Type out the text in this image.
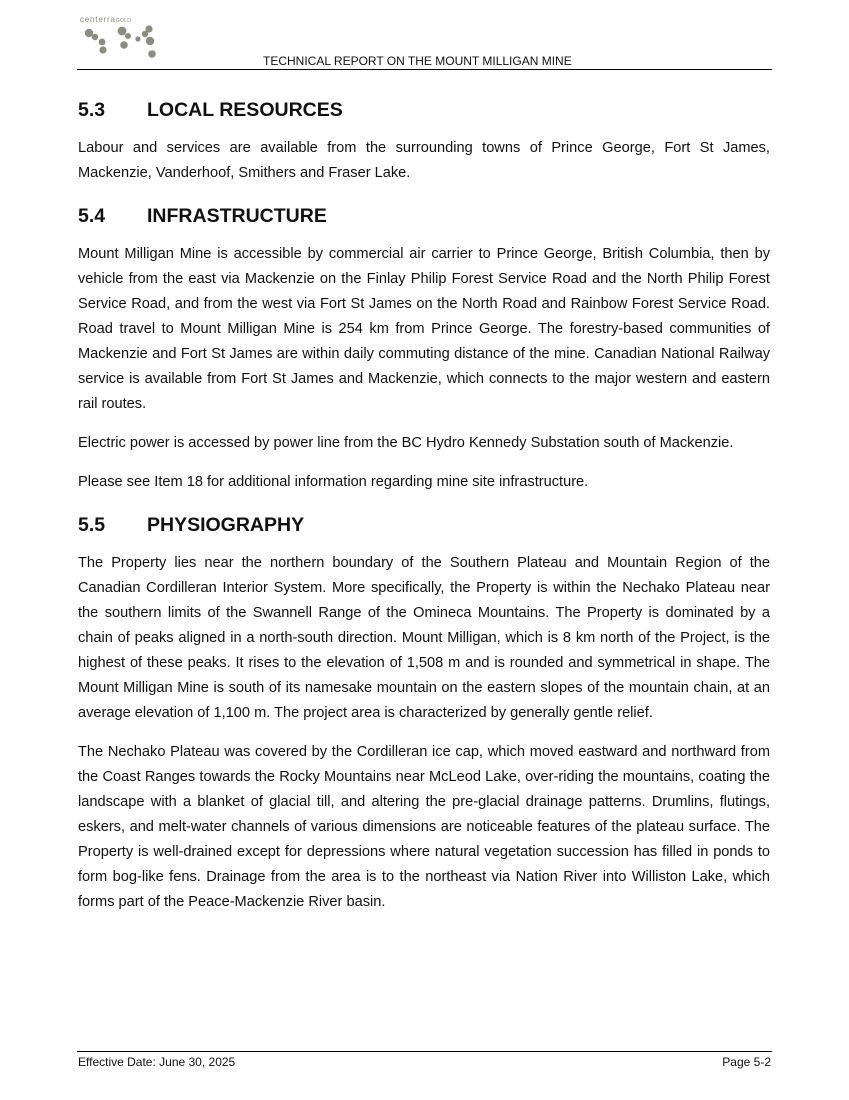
centerraGOLD
TECHNICAL REPORT ON THE MOUNT MILLIGAN MINE
5.3	LOCAL RESOURCES

Labour and services are available from the surrounding towns of Prince George, Fort St James, Mackenzie, Vanderhoof, Smithers and Fraser Lake.

5.4	INFRASTRUCTURE

Mount Milligan Mine is accessible by commercial air carrier to Prince George, British Columbia, then by vehicle from the east via Mackenzie on the Finlay Philip Forest Service Road and the North Philip Forest Service Road, and from the west via Fort St James on the North Road and Rainbow Forest Service Road. Road travel to Mount Milligan Mine is 254 km from Prince George. The forestry-based communities of Mackenzie and Fort St James are within daily commuting distance of the mine. Canadian National Railway service is available from Fort St James and Mackenzie, which connects to the major western and eastern rail routes.

Electric power is accessed by power line from the BC Hydro Kennedy Substation south of Mackenzie.

Please see Item 18 for additional information regarding mine site infrastructure.

5.5	PHYSIOGRAPHY

The Property lies near the northern boundary of the Southern Plateau and Mountain Region of the Canadian Cordilleran Interior System. More specifically, the Property is within the Nechako Plateau near the southern limits of the Swannell Range of the Omineca Mountains. The Property is dominated by a chain of peaks aligned in a north-south direction. Mount Milligan, which is 8 km north of the Project, is the highest of these peaks. It rises to the elevation of 1,508 m and is rounded and symmetrical in shape. The Mount Milligan Mine is south of its namesake mountain on the eastern slopes of the mountain chain, at an average elevation of 1,100 m. The project area is characterized by generally gentle relief.

The Nechako Plateau was covered by the Cordilleran ice cap, which moved eastward and northward from the Coast Ranges towards the Rocky Mountains near McLeod Lake, over-riding the mountains, coating the landscape with a blanket of glacial till, and altering the pre-glacial drainage patterns. Drumlins, flutings, eskers, and melt-water channels of various dimensions are noticeable features of the plateau surface. The Property is well-drained except for depressions where natural vegetation succession has filled in ponds to form bog-like fens. Drainage from the area is to the northeast via Nation River into Williston Lake, which forms part of the Peace-Mackenzie River basin.

Effective Date: June 30, 2025	Page 5-2
